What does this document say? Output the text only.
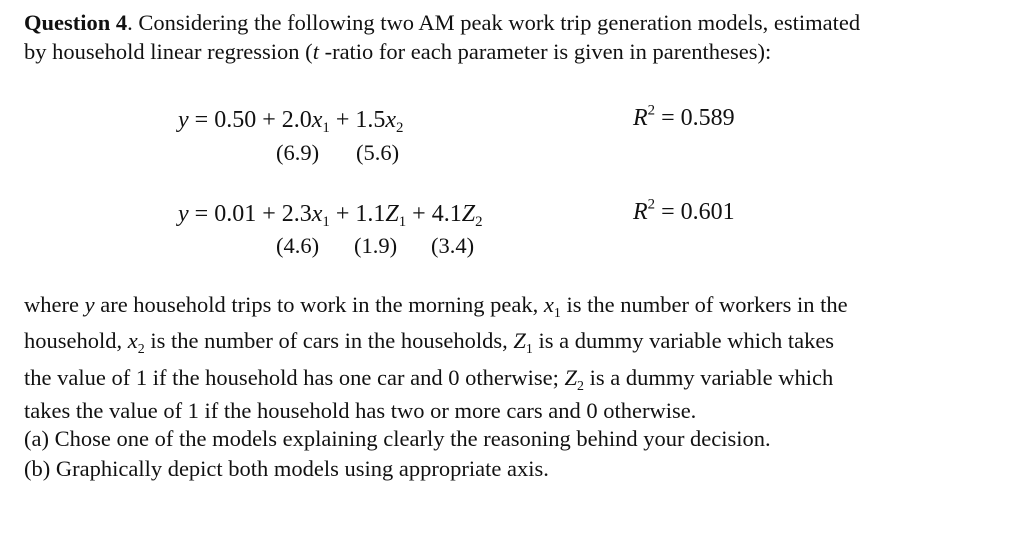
Question 4. Considering the following two AM peak work trip generation models, estimated
by household linear regression (t -ratio for each parameter is given in parentheses):
$y = 0.50 + 2.0x_1 + 1.5x_2$
(6.9) (5.6)
$R^2 = 0.589$
$y = 0.01 + 2.3x_1 + 1.1Z_1 + 4.1Z_2$
(4.6) (1.9) (3.4)
$R^2 = 0.601$
where y are household trips to work in the morning peak, $x_1$ is the number of workers in the
household, $x_2$ is the number of cars in the households, $Z_1$ is a dummy variable which takes
the value of 1 if the household has one car and 0 otherwise; $Z_2$ is a dummy variable which
takes the value of 1 if the household has two or more cars and 0 otherwise.
(a) Chose one of the models explaining clearly the reasoning behind your decision.
(b) Graphically depict both models using appropriate axis.
